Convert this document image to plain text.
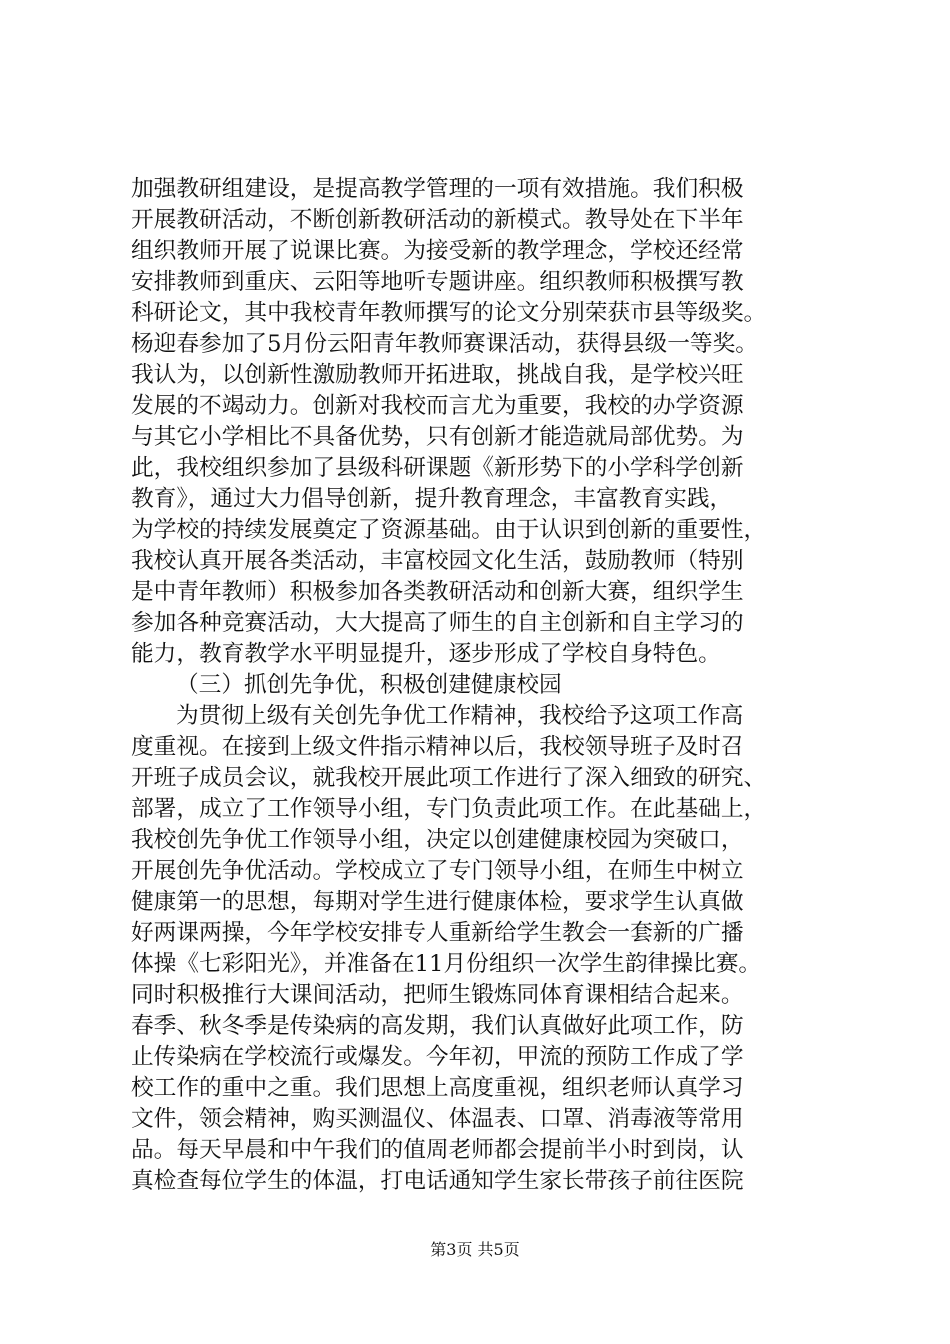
加强教研组建设，是提高教学管理的一项有效措施。我们积极
开展教研活动，不断创新教研活动的新模式。教导处在下半年
组织教师开展了说课比赛。为接受新的教学理念，学校还经常
安排教师到重庆、云阳等地听专题讲座。组织教师积极撰写教
科研论文，其中我校青年教师撰写的论文分别荣获市县等级奖。
杨迎春参加了5月份云阳青年教师赛课活动，获得县级一等奖。
我认为，以创新性激励教师开拓进取，挑战自我，是学校兴旺
发展的不竭动力。创新对我校而言尤为重要，我校的办学资源
与其它小学相比不具备优势，只有创新才能造就局部优势。为
此，我校组织参加了县级科研课题《新形势下的小学科学创新
教育》，通过大力倡导创新，提升教育理念，丰富教育实践，
为学校的持续发展奠定了资源基础。由于认识到创新的重要性，
我校认真开展各类活动，丰富校园文化生活，鼓励教师（特别
是中青年教师）积极参加各类教研活动和创新大赛，组织学生
参加各种竞赛活动，大大提高了师生的自主创新和自主学习的
能力，教育教学水平明显提升，逐步形成了学校自身特色。
（三）抓创先争优，积极创建健康校园
为贯彻上级有关创先争优工作精神，我校给予这项工作高
度重视。在接到上级文件指示精神以后，我校领导班子及时召
开班子成员会议，就我校开展此项工作进行了深入细致的研究、
部署，成立了工作领导小组，专门负责此项工作。在此基础上，
我校创先争优工作领导小组，决定以创建健康校园为突破口，
开展创先争优活动。学校成立了专门领导小组，在师生中树立
健康第一的思想，每期对学生进行健康体检，要求学生认真做
好两课两操，今年学校安排专人重新给学生教会一套新的广播
体操《七彩阳光》，并准备在11月份组织一次学生韵律操比赛。
同时积极推行大课间活动，把师生锻炼同体育课相结合起来。
春季、秋冬季是传染病的高发期，我们认真做好此项工作，防
止传染病在学校流行或爆发。今年初，甲流的预防工作成了学
校工作的重中之重。我们思想上高度重视，组织老师认真学习
文件，领会精神，购买测温仪、体温表、口罩、消毒液等常用
品。每天早晨和中午我们的值周老师都会提前半小时到岗，认
真检查每位学生的体温，打电话通知学生家长带孩子前往医院
第3页 共5页
